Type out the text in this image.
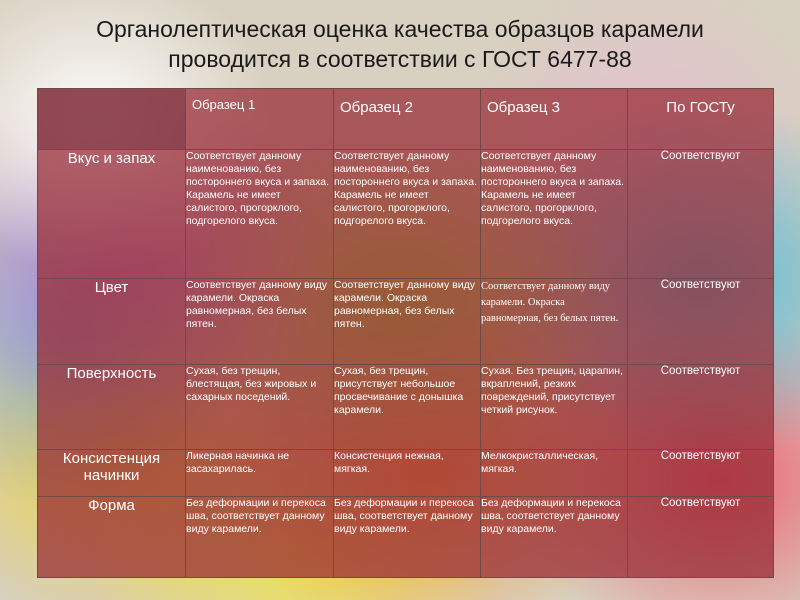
Органолептическая оценка качества образцов карамели
проводится в соответствии с ГОСТ 6477-88

	Образец 1	Образец 2	Образец 3	По ГОСТу

Вкус и запах	Соответствует данному наименованию, без постороннего вкуса и запаха. Карамель не имеет салистого, прогорклого, подгорелого вкуса.	Соответствует данному наименованию, без постороннего вкуса и запаха. Карамель не имеет салистого, прогорклого, подгорелого вкуса.	Соответствует данному наименованию, без постороннего вкуса и запаха. Карамель не имеет салистого, прогорклого, подгорелого вкуса.	Соответствуют
Цвет	Соответствует данному виду карамели. Окраска равномерная, без белых пятен.	Соответствует данному виду карамели. Окраска равномерная, без белых пятен.	Соответствует данному виду карамели. Окраска равномерная, без белых пятен.	Соответствуют
Поверхность	Сухая, без трещин, блестящая, без жировых и сахарных поседений.	Сухая, без трещин, присутствует небольшое просвечивание с донышка карамели.	Сухая. Без трещин, царапин, вкраплений, резких повреждений, присутствует четкий рисунок.	Соответствуют
Консистенция начинки	Ликерная начинка не засахарилась.	Консистенция нежная, мягкая.	Мелкокристаллическая, мягкая.	Соответствуют
Форма	Без деформации и перекоса шва, соответствует данному виду карамели.	Без деформации и перекоса шва, соответствует данному виду карамели.	Без деформации и перекоса шва, соответствует данному виду карамели.	Соответствуют
